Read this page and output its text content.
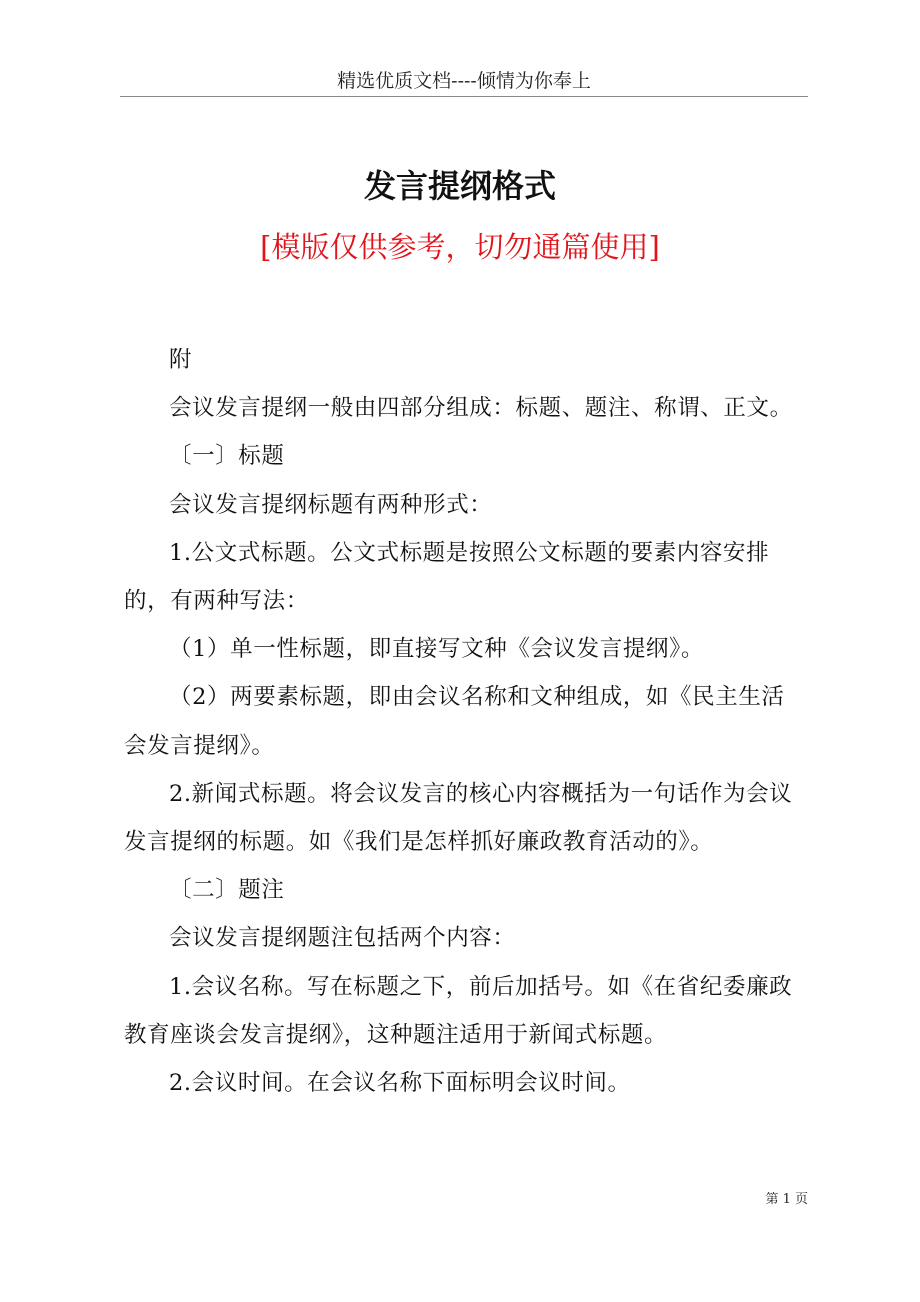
精选优质文档----倾情为你奉上
发言提纲格式
[模版仅供参考，切勿通篇使用]

附

会议发言提纲一般由四部分组成：标题、题注、称谓、正文。

〔一〕标题

会议发言提纲标题有两种形式：

1.公文式标题。公文式标题是按照公文标题的要素内容安排的，有两种写法：

（1）单一性标题，即直接写文种《会议发言提纲》。

（2）两要素标题，即由会议名称和文种组成，如《民主生活会发言提纲》。

2.新闻式标题。将会议发言的核心内容概括为一句话作为会议发言提纲的标题。如《我们是怎样抓好廉政教育活动的》。

〔二〕题注

会议发言提纲题注包括两个内容：

1.会议名称。写在标题之下，前后加括号。如《在省纪委廉政教育座谈会发言提纲》，这种题注适用于新闻式标题。

2.会议时间。在会议名称下面标明会议时间。

第 1 页
